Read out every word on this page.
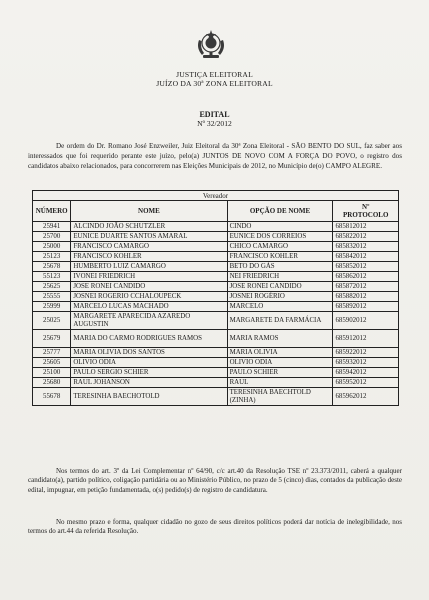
JUSTIÇA ELEITORAL
JUÍZO DA 30ª ZONA ELEITORAL
EDITAL
Nº 32/2012

De ordem do Dr. Romano José Enzweiler, Juiz Eleitoral da 30ª Zona Eleitoral - SÃO BENTO DO SUL, faz saber aos interessados que foi requerido perante este juízo, pelo(a) JUNTOS DE NOVO COM A FORÇA DO POVO, o registro dos candidatos abaixo relacionados, para concorrerem nas Eleições Municipais de 2012, no Município de(o) CAMPO ALEGRE.

Vereador			
NÚMERO	NOME	OPÇÃO DE NOME	Nº
PROTOCOLO
25941	ALCINDO JOÃO SCHUTZLER	CINDO	685812012
25700	EUNICE DUARTE SANTOS AMARAL	EUNICE DOS CORREIOS	685822012
25000	FRANCISCO CAMARGO	CHICO CAMARGO	685832012
25123	FRANCISCO KOHLER	FRANCISCO KOHLER	685842012
25678	HUMBERTO LUIZ CAMARGO	BETO DO GÁS	685852012
55123	IVONEI FRIEDRICH	NEI FRIEDRICH	685862012
25625	JOSE RONEI CANDIDO	JOSE RONEI CANDIDO	685872012
25555	JOSNEI ROGERIO CCHALOUPECK	JOSNEI ROGÉRIO	685882012
25999	MARCELO LUCAS MACHADO	MARCELO	685892012
25025	MARGARETE APARECIDA AZAREDO AUGUSTIN	MARGARETE DA FARMÁCIA	685902012
25679	MARIA DO CARMO RODRIGUES RAMOS	MARIA RAMOS	685912012
25777	MARIA OLIVIA DOS SANTOS	MARIA OLIVIA	685922012
25605	OLIVIO ODIA	OLIVIO ODIA	685932012
25100	PAULO SERGIO SCHIER	PAULO SCHIER	685942012
25680	RAUL JOHANSON	RAUL	685952012
55678	TERESINHA BAECHOTOLD	TERESINHA BAECHTOLD (ZINHA)	685962012

Nos termos do art. 3º da Lei Complementar nº 64/90, c/c art.40 da Resolução TSE nº 23.373/2011, caberá a qualquer candidato(a), partido político, coligação partidária ou ao Ministério Público, no prazo de 5 (cinco) dias, contados da publicação deste edital, impugnar, em petição fundamentada, o(s) pedido(s) de registro de candidatura.

No mesmo prazo e forma, qualquer cidadão no gozo de seus direitos políticos poderá dar notícia de inelegibilidade, nos termos do art.44 da referida Resolução.
